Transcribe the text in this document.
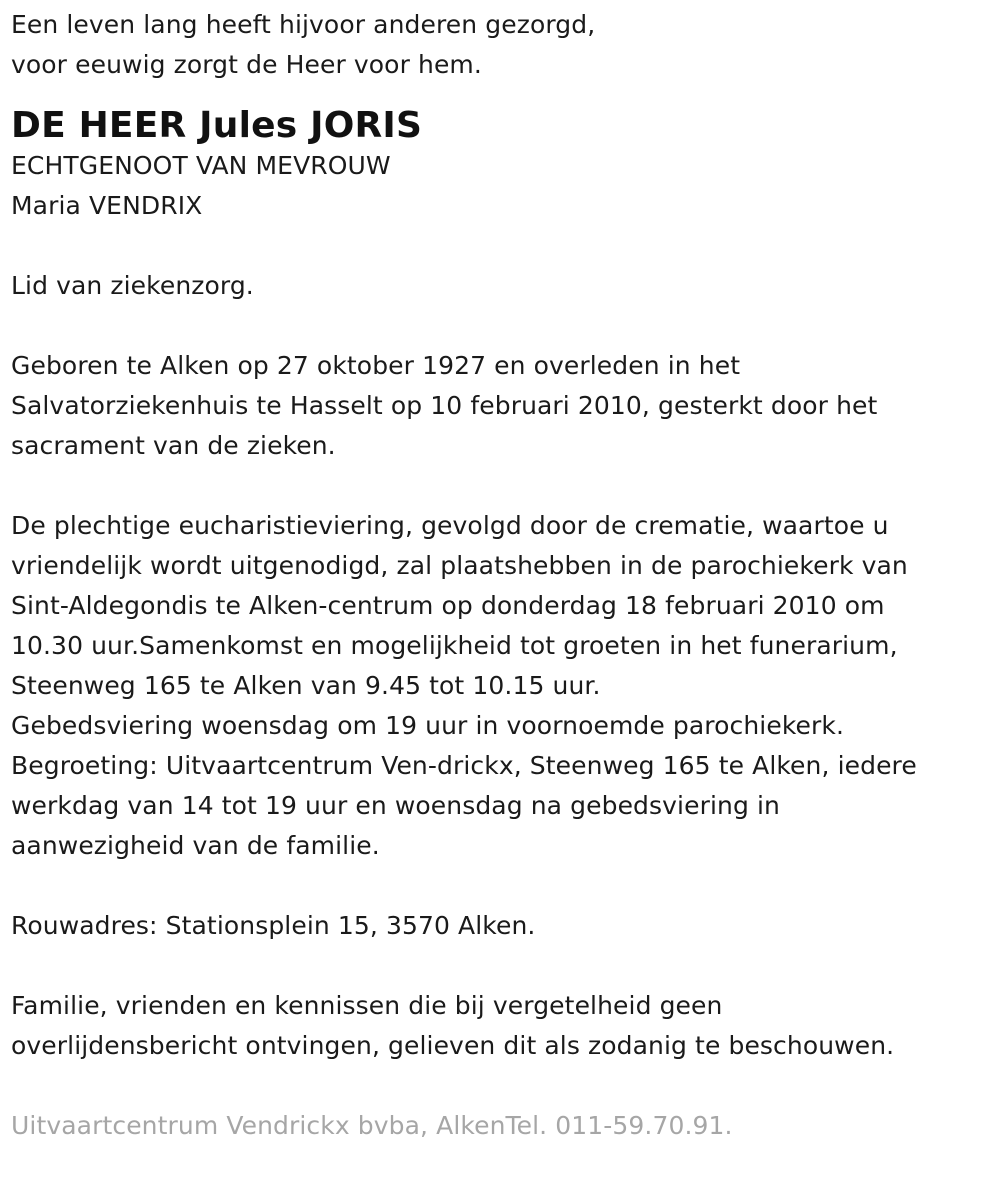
Een leven lang heeft hijvoor anderen gezorgd,
voor eeuwig zorgt de Heer voor hem.
DE HEER Jules JORIS
ECHTGENOOT VAN MEVROUW
Maria VENDRIX
Lid van ziekenzorg.
Geboren te Alken op 27 oktober 1927 en overleden in het
Salvatorziekenhuis te Hasselt op 10 februari 2010, gesterkt door het
sacrament van de zieken.
De plechtige eucharistieviering, gevolgd door de crematie, waartoe u
vriendelijk wordt uitgenodigd, zal plaatshebben in de parochiekerk van
Sint-Aldegondis te Alken-centrum op donderdag 18 februari 2010 om
10.30 uur.Samenkomst en mogelijkheid tot groeten in het funerarium,
Steenweg 165 te Alken van 9.45 tot 10.15 uur.
Gebedsviering woensdag om 19 uur in voornoemde parochiekerk.
Begroeting: Uitvaartcentrum Ven-drickx, Steenweg 165 te Alken, iedere
werkdag van 14 tot 19 uur en woensdag na gebedsviering in
aanwezigheid van de familie.
Rouwadres: Stationsplein 15, 3570 Alken.
Familie, vrienden en kennissen die bij vergetelheid geen
overlijdensbericht ontvingen, gelieven dit als zodanig te beschouwen.
Uitvaartcentrum Vendrickx bvba, AlkenTel. 011-59.70.91.
